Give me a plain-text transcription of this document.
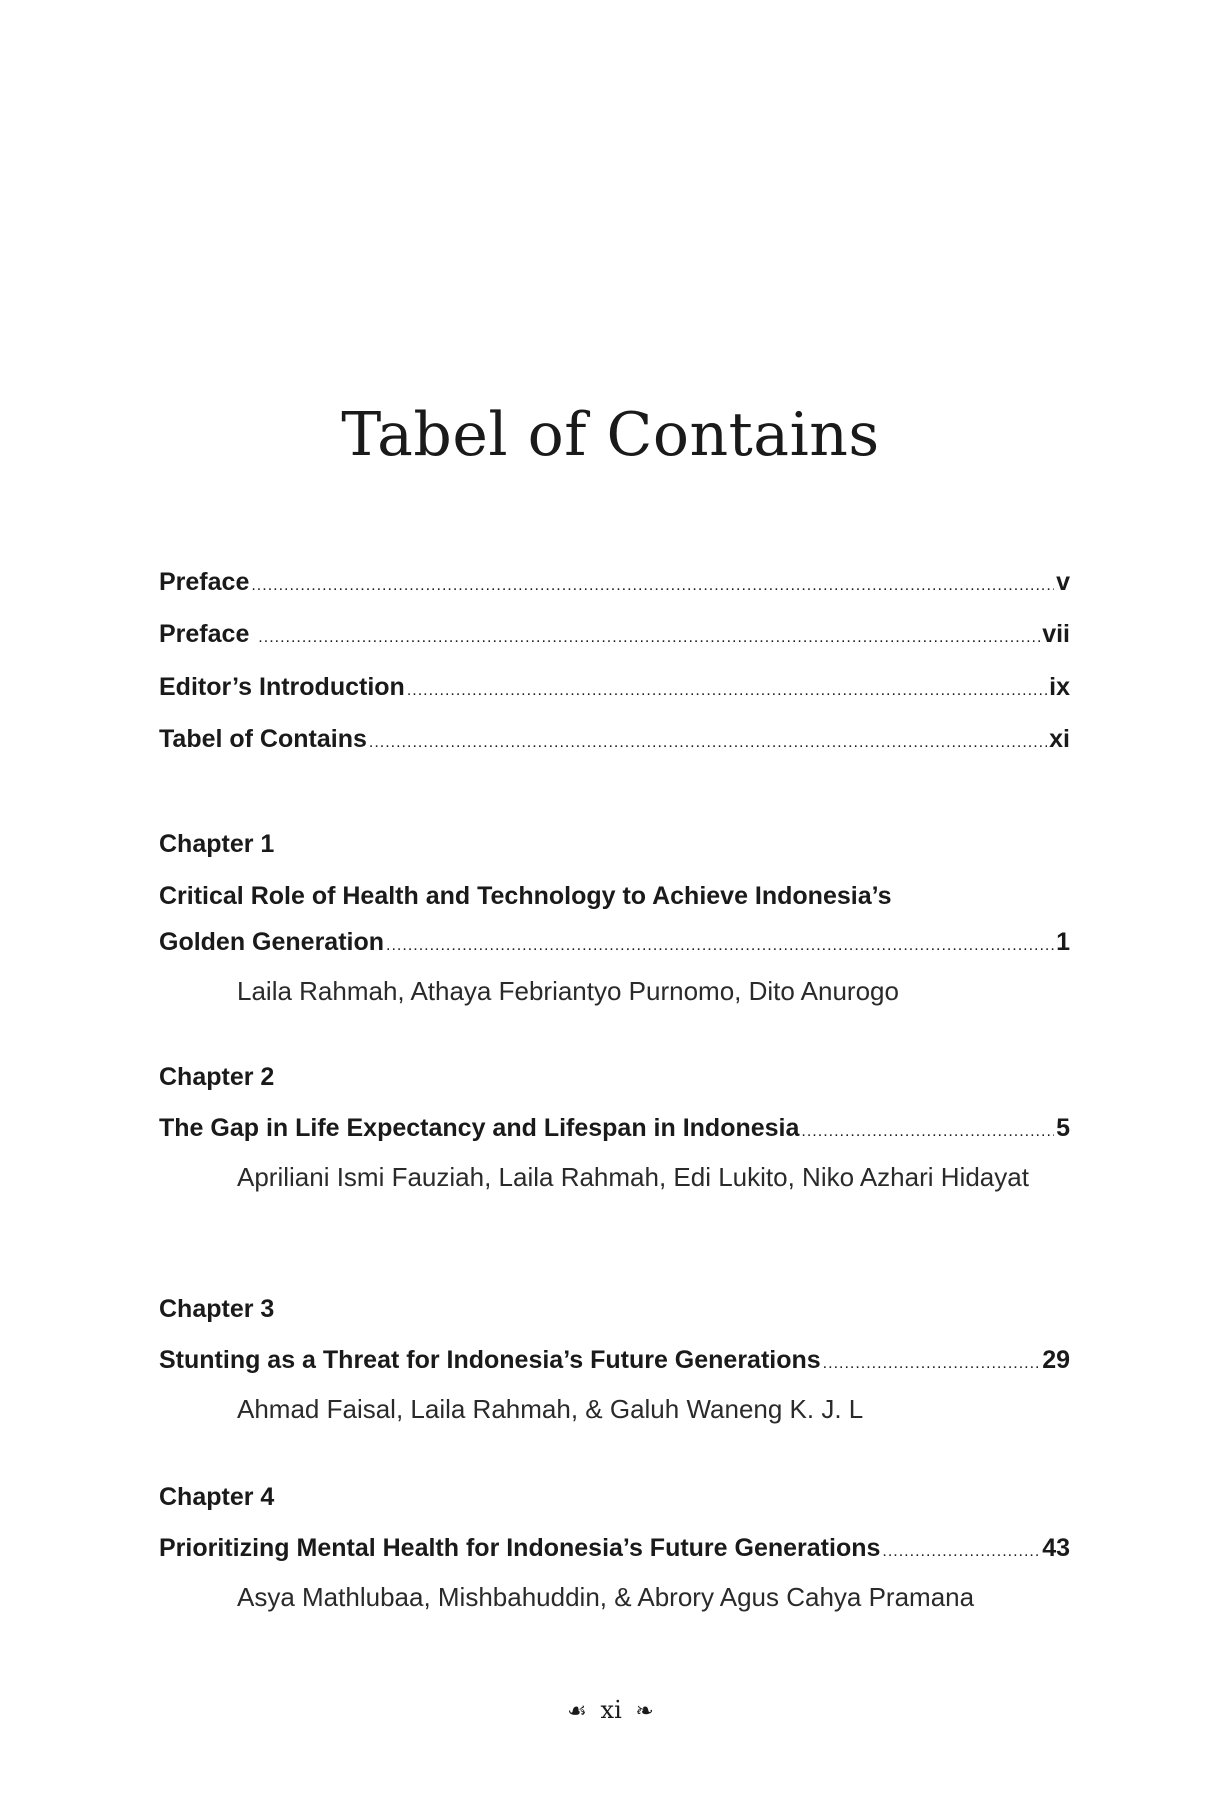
Tabel of Contains
Preface .....	v
Preface .....	vii
Editor’s Introduction .....	ix
Tabel of Contains .....	xi
Chapter 1
Critical Role of Health and Technology to Achieve Indonesia’s
Golden Generation .....	1
Laila Rahmah, Athaya Febriantyo Purnomo, Dito Anurogo
Chapter 2
The Gap in Life Expectancy and Lifespan in Indonesia .....	5
Apriliani Ismi Fauziah, Laila Rahmah, Edi Lukito, Niko Azhari Hidayat
Chapter 3
Stunting as a Threat for Indonesia’s Future Generations .....	29
Ahmad Faisal, Laila Rahmah, & Galuh Waneng K. J. L
Chapter 4
Prioritizing Mental Health for Indonesia’s Future Generations .....	43
Asya Mathlubaa, Mishbahuddin, & Abrory Agus Cahya Pramana
☙ xi ❧
